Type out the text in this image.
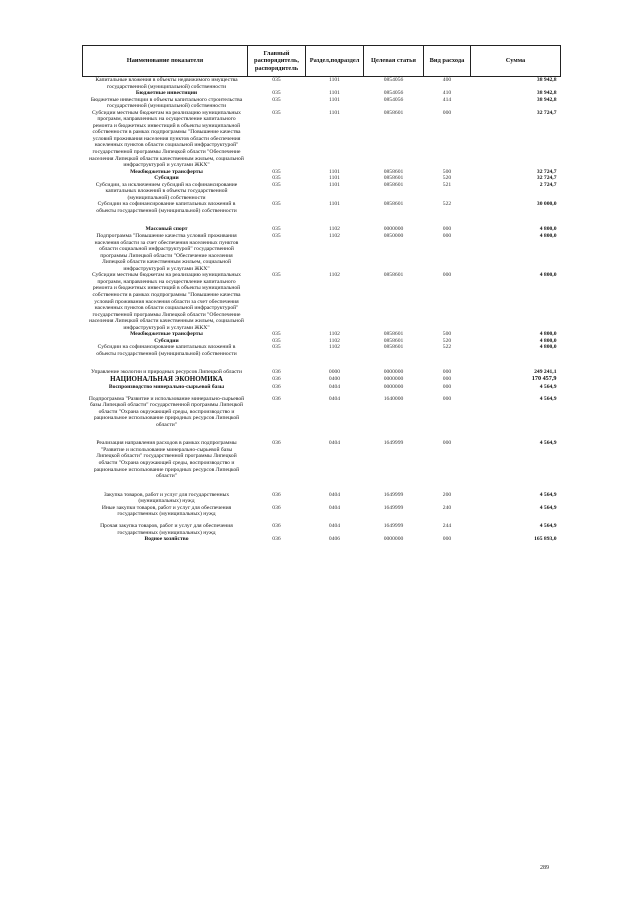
Наименование показателя	Главный распорядитель, распорядитель	Раздел,подраздел	Целевая статья	Вид расхода	Сумма
Капитальные вложения в объекты недвижимого имущества государственной (муниципальной) собственности	035	1101	0854056	400	38 942,8
Бюджетные инвестиции	035	1101	0854056	410	38 942,8
Бюджетные инвестиции в объекты капитального строительства государственной (муниципальной) собственности	035	1101	0854056	414	38 942,8
Субсидии местным бюджетам на реализацию муниципальных программ, направленных на осуществление капитального ремонта и бюджетных инвестиций в объекты муниципальной собственности в рамках подпрограммы "Повышение качества условий проживания населения пунктов области обеспечения населенных пунктов области социальной инфраструктурой" государственной программы Липецкой области "Обеспечение населения Липецкой области качественным жильем, социальной инфраструктурой и услугами ЖКХ"	035	1101	0858601	000	32 724,7
Межбюджетные трансферты	035	1101	0858601	500	32 724,7
Субсидии	035	1101	0858601	520	32 724,7
Субсидии, за исключением субсидий на софинансирование капитальных вложений в объекты государственной (муниципальной) собственности	035	1101	0858601	521	2 724,7
Субсидии на софинансирование капитальных вложений в объекты государственной (муниципальной) собственности	035	1101	0858601	522	30 000,0
Массовый спорт	035	1102	0000000	000	4 800,0
Подпрограмма "Повышение качества условий проживания населения области за счет обеспечения населенных пунктов области социальной инфраструктурой" государственной программы Липецкой области "Обеспечение населения Липецкой области качественным жильем, социальной инфраструктурой и услугами ЖКХ"	035	1102	0850000	000	4 800,0
Субсидии местным бюджетам на реализацию муниципальных программ, направленных на осуществление капитального ремонта и бюджетных инвестиций в объекты муниципальной собственности в рамках подпрограммы "Повышение качества условий проживания населения области за счет обеспечения населенных пунктов области социальной инфраструктурой" государственной программы Липецкой области "Обеспечение населения Липецкой области качественным жильем, социальной инфраструктурой и услугами ЖКХ"	035	1102	0858601	000	4 800,0
Межбюджетные трансферты	035	1102	0858601	500	4 800,0
Субсидии	035	1102	0858601	520	4 800,0
Субсидии на софинансирование капитальных вложений в объекты государственной (муниципальной) собственности	035	1102	0858601	522	4 800,0
Управление экологии и природных ресурсов Липецкой области	036	0000	0000000	000	249 241,1
НАЦИОНАЛЬНАЯ ЭКОНОМИКА	036	0400	0000000	000	170 457,9
Воспроизводство минерально-сырьевой базы	036	0404	0000000	000	4 564,9
Подпрограмма "Развитие и использование минерально-сырьевой базы Липецкой области" государственной программы Липецкой области "Охрана окружающей среды, воспроизводство и рациональное использование природных ресурсов Липецкой области"	036	0404	1640000	000	4 564,9
Реализация направления расходов в рамках подпрограммы "Развитие и использование минерально-сырьевой базы Липецкой области" государственной программы Липецкой области "Охрана окружающей среды, воспроизводство и рациональное использование природных ресурсов Липецкой области"	036	0404	1649999	000	4 564,9
Закупка товаров, работ и услуг для государственных (муниципальных) нужд	036	0404	1649999	200	4 564,9
Иные закупки товаров, работ и услуг для обеспечения государственных (муниципальных) нужд	036	0404	1649999	240	4 564,9
Прочая закупка товаров, работ и услуг для обеспечения государственных (муниципальных) нужд	036	0404	1649999	244	4 564,9
Водное хозяйство	036	0406	0000000	000	165 893,0
289
